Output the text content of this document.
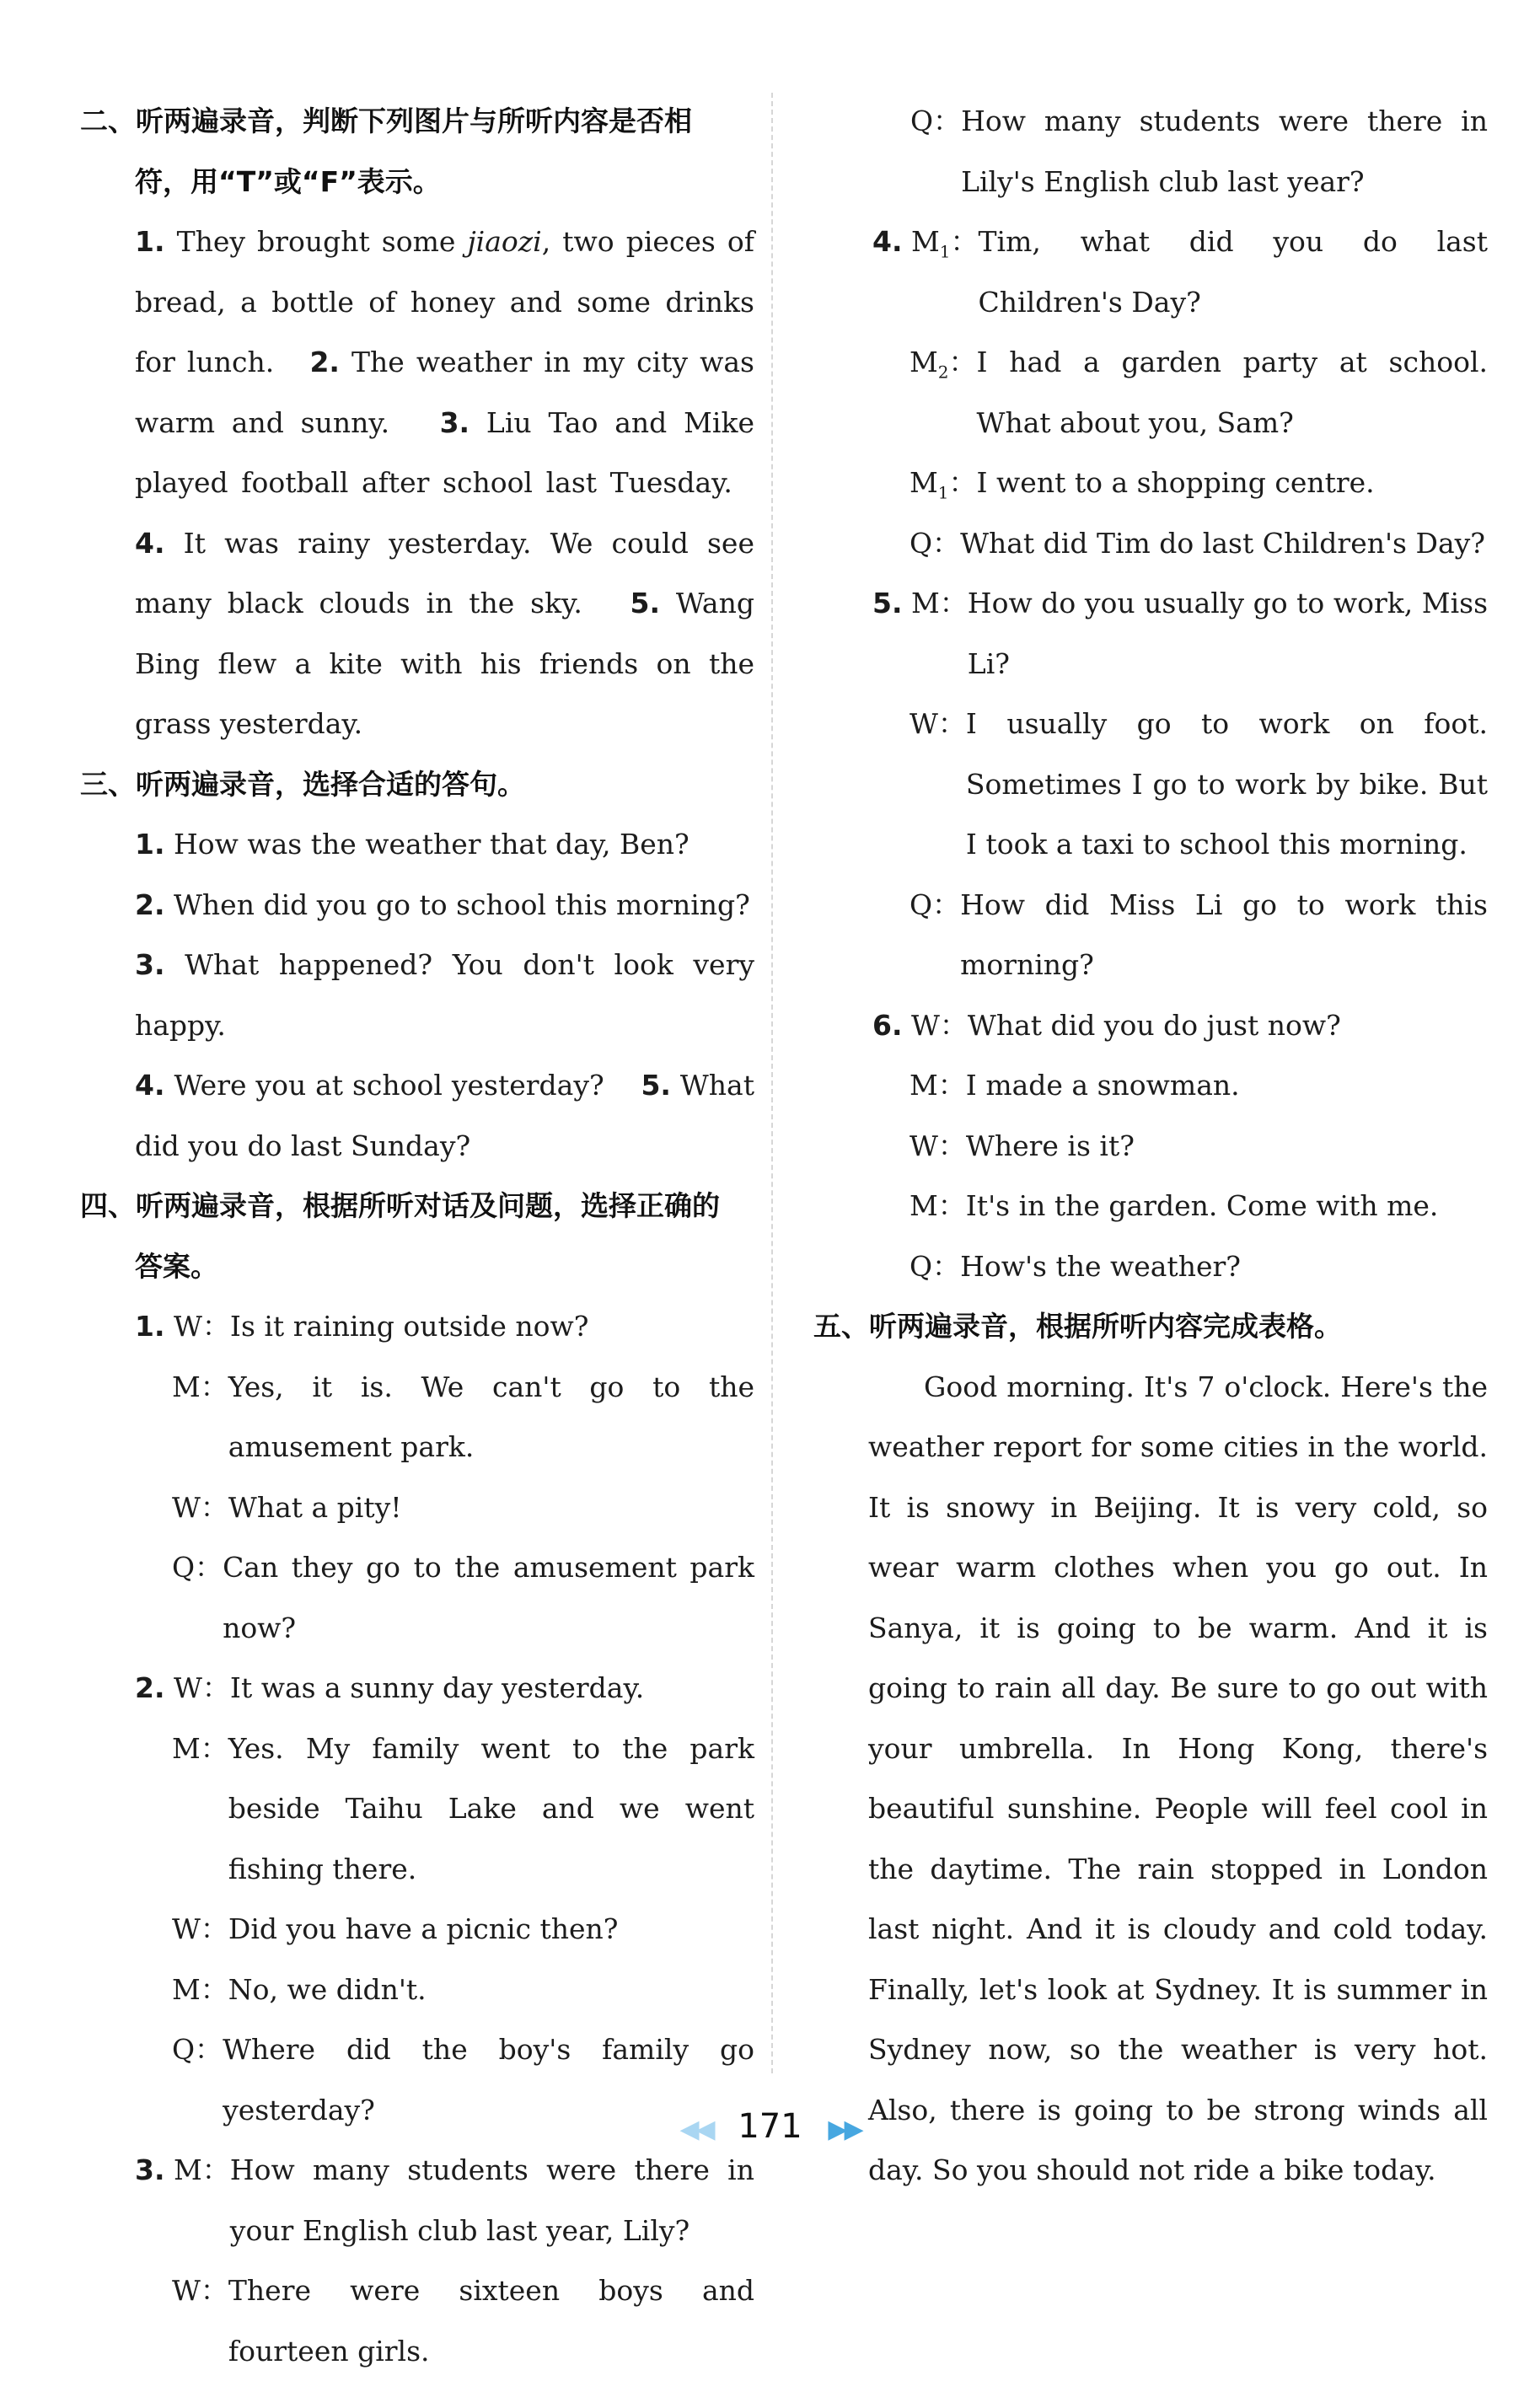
二、听两遍录音，判断下列图片与所听内容是否相
符，用“T”或“F”表示。
1. They brought some jiaozi, two pieces of bread, a bottle of honey and some drinks for lunch. 2. The weather in my city was warm and sunny. 3. Liu Tao and Mike played football after school last Tuesday.   4. It was rainy yesterday. We could see many black clouds in the sky. 5. Wang Bing flew a kite with his friends on the grass yesterday.
三、听两遍录音，选择合适的答句。
1. How was the weather that day, Ben?
2. When did you go to school this morning?
3. What happened? You don't look very happy.
4. Were you at school yesterday? 5. What did you do last Sunday?
四、听两遍录音，根据所听对话及问题，选择正确的
答案。
1.
W： Is it raining outside now?
M： Yes, it is. We can't go to the amusement park.
W： What a pity!
Q： Can they go to the amusement park now?
2.
W： It was a sunny day yesterday.
M： Yes. My family went to the park beside Taihu Lake and we went fishing there.
W： Did you have a picnic then?
M： No, we didn't.
Q： Where did the boy's family go yesterday?
3.
M： How many students were there in your English club last year, Lily?
W： There were sixteen boys and fourteen girls.
Q： How many students were there in Lily's English club last year?
4.
$M_1$： Tim, what did you do last Children's Day?
$M_2$： I had a garden party at school. What about you, Sam?
$M_1$： I went to a shopping centre.
Q： What did Tim do last Children's Day?
5.
M： How do you usually go to work, Miss Li?
W： I usually go to work on foot. Sometimes I go to work by bike. But I took a taxi to school this morning.
Q： How did Miss Li go to work this morning?
6.
W： What did you do just now?
M： I made a snowman.
W： Where is it?
M： It's in the garden. Come with me.
Q： How's the weather?
五、听两遍录音，根据所听内容完成表格。
Good morning. It's 7 o'clock. Here's the weather report for some cities in the world. It is snowy in Beijing. It is very cold, so wear warm clothes when you go out. In Sanya, it is going to be warm. And it is going to rain all day. Be sure to go out with your umbrella. In Hong Kong, there's beautiful sunshine. People will feel cool in the daytime. The rain stopped in London last night. And it is cloudy and cold today. Finally, let's look at Sydney. It is summer in Sydney now, so the weather is very hot. Also, there is going to be strong winds all day. So you should not ride a bike today.
◀◀ 171 ▶▶
